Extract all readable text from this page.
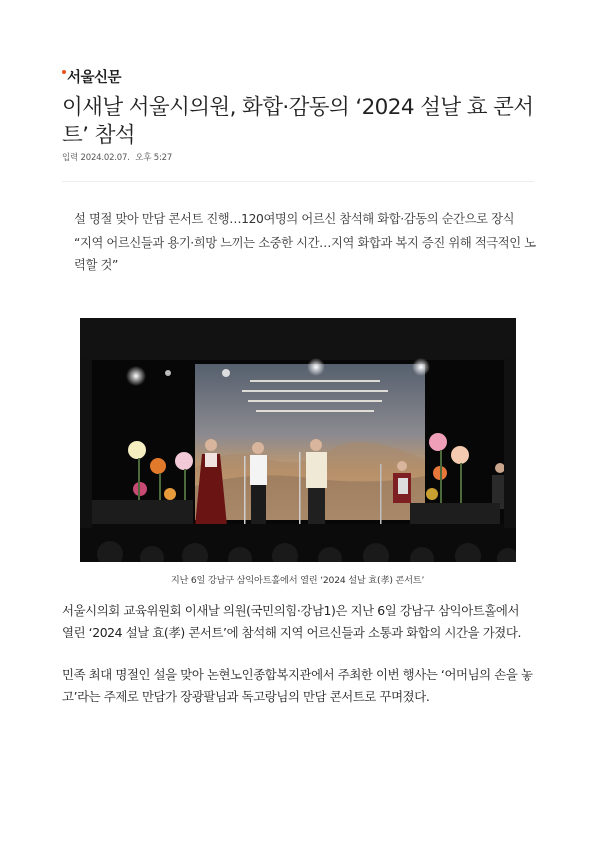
서울신문
이새날 서울시의원, 화합·감동의 ‘2024 설날 효 콘서트’ 참석
입력 2024.02.07. 오후 5:27

설 명절 맞아 만담 콘서트 진행…120여명의 어르신 참석해 화합·감동의 순간으로 장식

“지역 어르신들과 용기·희망 느끼는 소중한 시간…지역 화합과 복지 증진 위해 적극적인 노력할 것”

지난 6일 강남구 삼익아트홀에서 열린 ‘2024 설날 효(孝) 콘서트’

서울시의회 교육위원회 이새날 의원(국민의힘·강남1)은 지난 6일 강남구 삼익아트홀에서 열린 ‘2024 설날 효(孝) 콘서트’에 참석해 지역 어르신들과 소통과 화합의 시간을 가졌다.

민족 최대 명절인 설을 맞아 논현노인종합복지관에서 주최한 이번 행사는 ‘어머님의 손을 놓고’라는 주제로 만담가 장광팔님과 독고랑님의 만담 콘서트로 꾸며졌다.
